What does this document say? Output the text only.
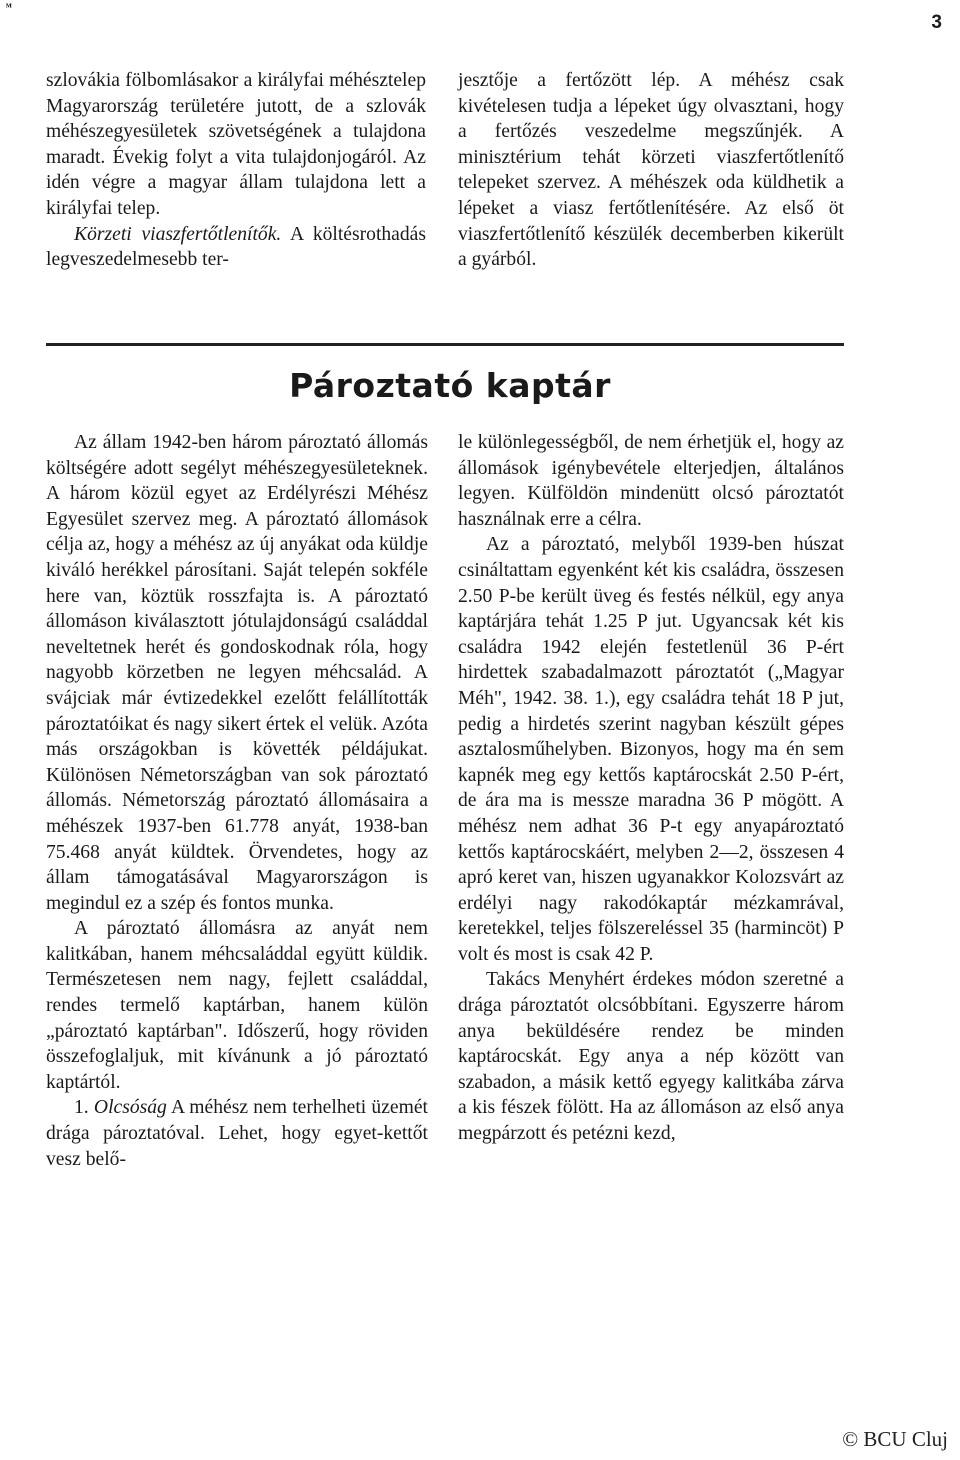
ᴹ
3

szlovákia fölbomlásakor a királyfai méhésztelep Magyarország területére jutott, de a szlovák méhészegyesületek szövetségének a tulajdona maradt. Évekig folyt a vita tulajdonjogáról. Az idén végre a magyar állam tulajdona lett a királyfai telep.

Körzeti viaszfertőtlenítők. A költésrothadás legveszedelmesebb ter-

jesztője a fertőzött lép. A méhész csak kivételesen tudja a lépeket úgy olvasztani, hogy a fertőzés veszedelme megszűnjék. A minisztérium tehát körzeti viaszfertőtlenítő telepeket szervez. A méhészek oda küldhetik a lépeket a viasz fertőtlenítésére. Az első öt viaszfertőtlenítő készülék decemberben kikerült a gyárból.

Pároztató kaptár

Az állam 1942-ben három pároztató állomás költségére adott segélyt méhészegyesületeknek. A három közül egyet az Erdélyrészi Méhész Egyesület szervez meg. A pároztató állomások célja az, hogy a méhész az új anyákat oda küldje kiváló herékkel párosítani. Saját telepén sokféle here van, köztük rosszfajta is. A pároztató állomáson kiválasztott jótulajdonságú családdal neveltetnek herét és gondoskodnak róla, hogy nagyobb körzetben ne legyen méhcsalád. A svájciak már évtizedekkel ezelőtt felállították pároztatóikat és nagy sikert értek el velük. Azóta más országokban is követték példájukat. Különösen Németországban van sok pároztató állomás. Németország pároztató állomásaira a méhészek 1937-ben 61.778 anyát, 1938-ban 75.468 anyát küldtek. Örvendetes, hogy az állam támogatásával Magyarországon is megindul ez a szép és fontos munka.

A pároztató állomásra az anyát nem kalitkában, hanem méhcsaláddal együtt küldik. Természetesen nem nagy, fejlett családdal, rendes termelő kaptárban, hanem külön „pároztató kaptárban". Időszerű, hogy röviden összefoglaljuk, mit kívánunk a jó pároztató kaptártól.

1. Olcsóság A méhész nem terhelheti üzemét drága pároztatóval. Lehet, hogy egyet-kettőt vesz belő-

le különlegességből, de nem érhetjük el, hogy az állomások igénybevétele elterjedjen, általános legyen. Külföldön mindenütt olcsó pároztatót használnak erre a célra.

Az a pároztató, melyből 1939-ben húszat csináltattam egyenként két kis családra, összesen 2.50 P-be került üveg és festés nélkül, egy anya kaptárjára tehát 1.25 P jut. Ugyancsak két kis családra 1942 elején festetlenül 36 P-ért hirdettek szabadalmazott pároztatót („Magyar Méh", 1942. 38. 1.), egy családra tehát 18 P jut, pedig a hirdetés szerint nagyban készült gépes asztalosműhelyben. Bizonyos, hogy ma én sem kapnék meg egy kettős kaptárocskát 2.50 P-ért, de ára ma is messze maradna 36 P mögött. A méhész nem adhat 36 P-t egy anyapároztató kettős kaptárocskáért, melyben 2—2, összesen 4 apró keret van, hiszen ugyanakkor Kolozsvárt az erdélyi nagy rakodókaptár mézkamrával, keretekkel, teljes fölszereléssel 35 (harmincöt) P volt és most is csak 42 P.

Takács Menyhért érdekes módon szeretné a drága pároztatót olcsóbbítani. Egyszerre három anya beküldésére rendez be minden kaptárocskát. Egy anya a nép között van szabadon, a másik kettő egyegy kalitkába zárva a kis fészek fölött. Ha az állomáson az első anya megpárzott és petézni kezd,

© BCU Cluj
